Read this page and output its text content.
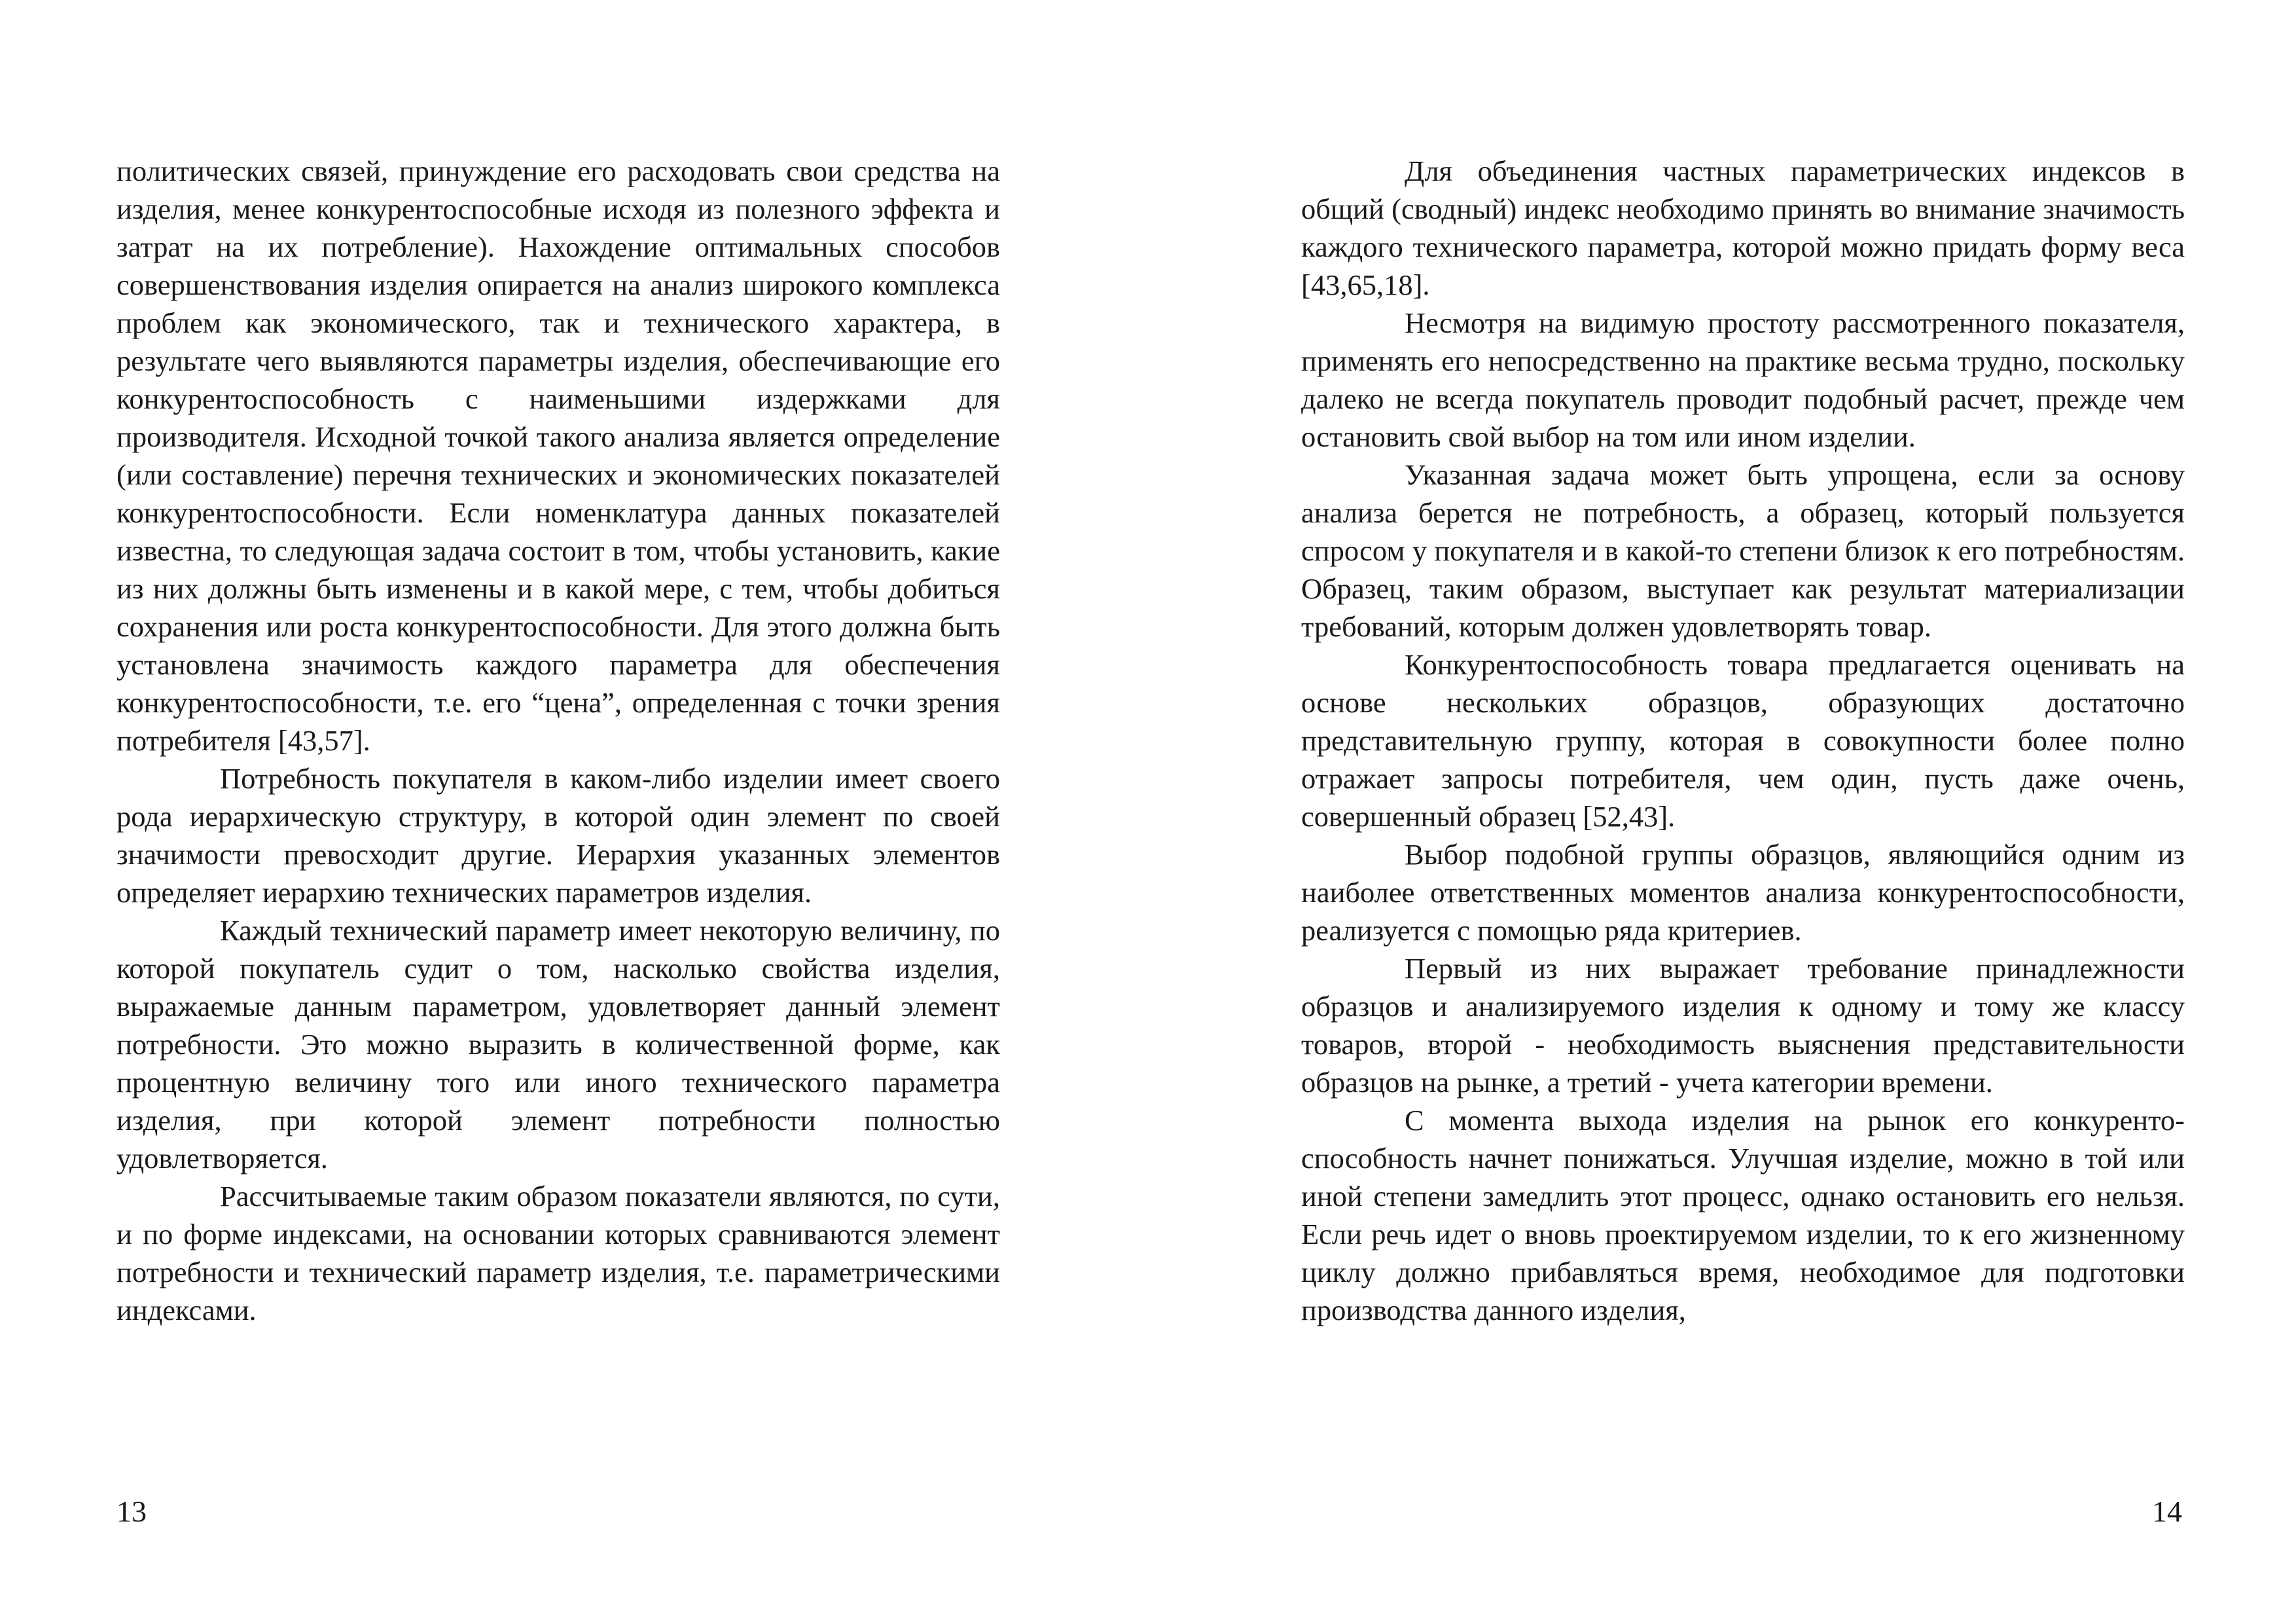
политических связей, принуждение его расходовать свои средства на изделия, менее конкурентоспособные исходя из полезного эффекта и затрат на их потребление). Нахождение оптимальных способов совершенствования изделия опирается на анализ широкого комплекса проблем как экономического, так и технического характера, в результате чего выявляются параметры изделия, обеспечивающие его конкурентоспособность с наименьшими издержками для производителя. Исходной точкой такого анализа является определение (или составление) перечня технических и экономических показателей конкурентоспособности. Если номенклатура данных показателей известна, то следующая задача состоит в том, чтобы установить, какие из них должны быть изменены и в какой мере, с тем, чтобы добиться сохранения или роста конкурентоспособности. Для этого должна быть установлена значимость каждого параметра для обеспечения конкурентоспособности, т.е. его “цена”, определенная с точки зрения потребителя [43,57].

Потребность покупателя в каком-либо изделии имеет своего рода иерархическую структуру, в которой один элемент по своей значимости превосходит другие. Иерархия указанных элементов определяет иерархию технических параметров изделия.

Каждый технический параметр имеет некоторую величину, по которой покупатель судит о том, насколько свойства изделия, выражаемые данным параметром, удовлетворяет данный элемент потребности. Это можно выразить в количественной форме, как процентную величину того или иного технического параметра изделия, при которой элемент потребности полностью удовлетворяется.

Рассчитываемые таким образом показатели являются, по сути, и по форме индексами, на основании которых сравниваются элемент потребности и технический параметр изделия, т.е. параметрическими индексами.

13

Для объединения частных параметрических индексов в общий (сводный) индекс необходимо принять во внимание значимость каждого технического параметра, которой можно придать форму веса [43,65,18].

Несмотря на видимую простоту рассмотренного показателя, применять его непосредственно на практике весьма трудно, поскольку далеко не всегда покупатель проводит подобный расчет, прежде чем остановить свой выбор на том или ином изделии.

Указанная задача может быть упрощена, если за основу анализа берется не потребность, а образец, который пользуется спросом у покупателя и в какой-то степени близок к его потребностям. Образец, таким образом, выступает как результат материализации требований, которым должен удовлетворять товар.

Конкурентоспособность товара предлагается оценивать на основе нескольких образцов, образующих достаточно представительную группу, которая в совокупности более полно отражает запросы потребителя, чем один, пусть даже очень, совершенный образец [52,43].

Выбор подобной группы образцов, являющийся одним из наиболее ответственных моментов анализа конкурентоспособности, реализуется с помощью ряда критериев.

Первый из них выражает требование принадлежности образцов и анализируемого изделия к одному и тому же классу товаров, второй - необходимость выяснения представительности образцов на рынке, а третий - учета категории времени.

С момента выхода изделия на рынок его конкурентоспособность начнет понижаться. Улучшая изделие, можно в той или иной степени замедлить этот процесс, однако остановить его нельзя. Если речь идет о вновь проектируемом изделии, то к его жизненному циклу должно прибавляться время, необходимое для подготовки производства данного изделия,

14
